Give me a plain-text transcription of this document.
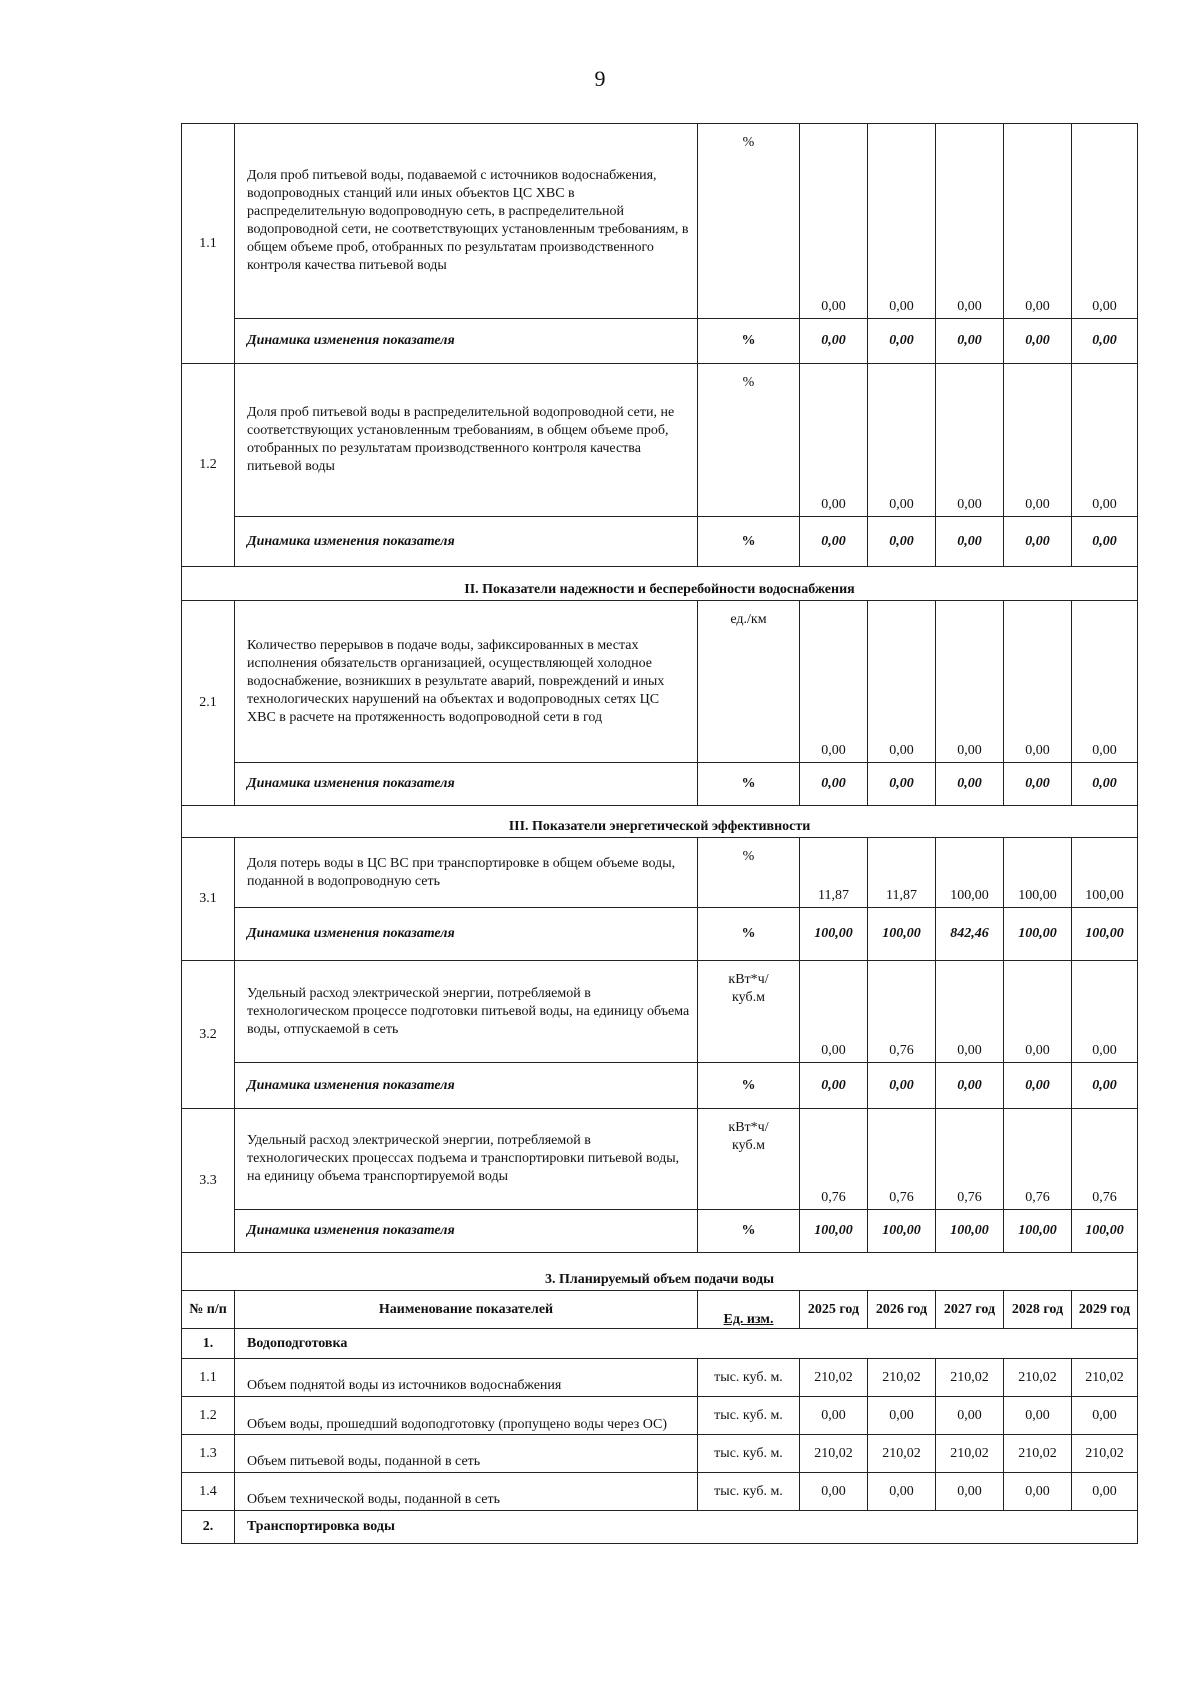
9
1.1	Доля проб питьевой воды, подаваемой с источников водоснабжения, водопроводных станций или иных объектов ЦС ХВС в распределительную водопроводную сеть, в распределительной водопроводной сети, не соответствующих установленным требованиям, в общем объеме проб, отобранных по результатам производственного контроля качества питьевой воды	%	0,00	0,00	0,00	0,00	0,00
	Динамика изменения показателя	%	0,00	0,00	0,00	0,00	0,00
1.2	Доля проб питьевой воды в распределительной водопроводной сети, не соответствующих установленным требованиям, в общем объеме проб, отобранных по результатам производственного контроля качества питьевой воды	%	0,00	0,00	0,00	0,00	0,00
	Динамика изменения показателя	%	0,00	0,00	0,00	0,00	0,00
II. Показатели надежности и бесперебойности водоснабжения							
2.1	Количество перерывов в подаче воды, зафиксированных в местах исполнения обязательств организацией, осуществляющей холодное водоснабжение, возникших в результате аварий, повреждений и иных технологических нарушений на объектах и водопроводных сетях ЦС ХВС в расчете на протяженность водопроводной сети в год	ед./км	0,00	0,00	0,00	0,00	0,00
	Динамика изменения показателя	%	0,00	0,00	0,00	0,00	0,00
III. Показатели энергетической эффективности							
3.1	Доля потерь воды в ЦС ВС при транспортировке в общем объеме воды, поданной в водопроводную сеть	%	11,87	11,87	100,00	100,00	100,00
	Динамика изменения показателя	%	100,00	100,00	842,46	100,00	100,00
3.2	Удельный расход электрической энергии, потребляемой в технологическом процессе подготовки питьевой воды, на единицу объема воды, отпускаемой в сеть	кВт*ч/ куб.м	0,00	0,76	0,00	0,00	0,00
	Динамика изменения показателя	%	0,00	0,00	0,00	0,00	0,00
3.3	Удельный расход электрической энергии, потребляемой в технологических процессах подъема и транспортировки питьевой воды, на единицу объема транспортируемой воды	кВт*ч/ куб.м	0,76	0,76	0,76	0,76	0,76
	Динамика изменения показателя	%	100,00	100,00	100,00	100,00	100,00
3. Планируемый объем подачи воды							
№ п/п	Наименование показателей	Ед. изм.	2025 год	2026 год	2027 год	2028 год	2029 год
1.	Водоподготовка						
1.1	Объем поднятой воды из источников водоснабжения	тыс. куб. м.	210,02	210,02	210,02	210,02	210,02
1.2	Объем воды, прошедший водоподготовку (пропущено воды через ОС)	тыс. куб. м.	0,00	0,00	0,00	0,00	0,00
1.3	Объем питьевой воды, поданной в сеть	тыс. куб. м.	210,02	210,02	210,02	210,02	210,02
1.4	Объем технической воды, поданной в сеть	тыс. куб. м.	0,00	0,00	0,00	0,00	0,00
2.	Транспортировка воды						
